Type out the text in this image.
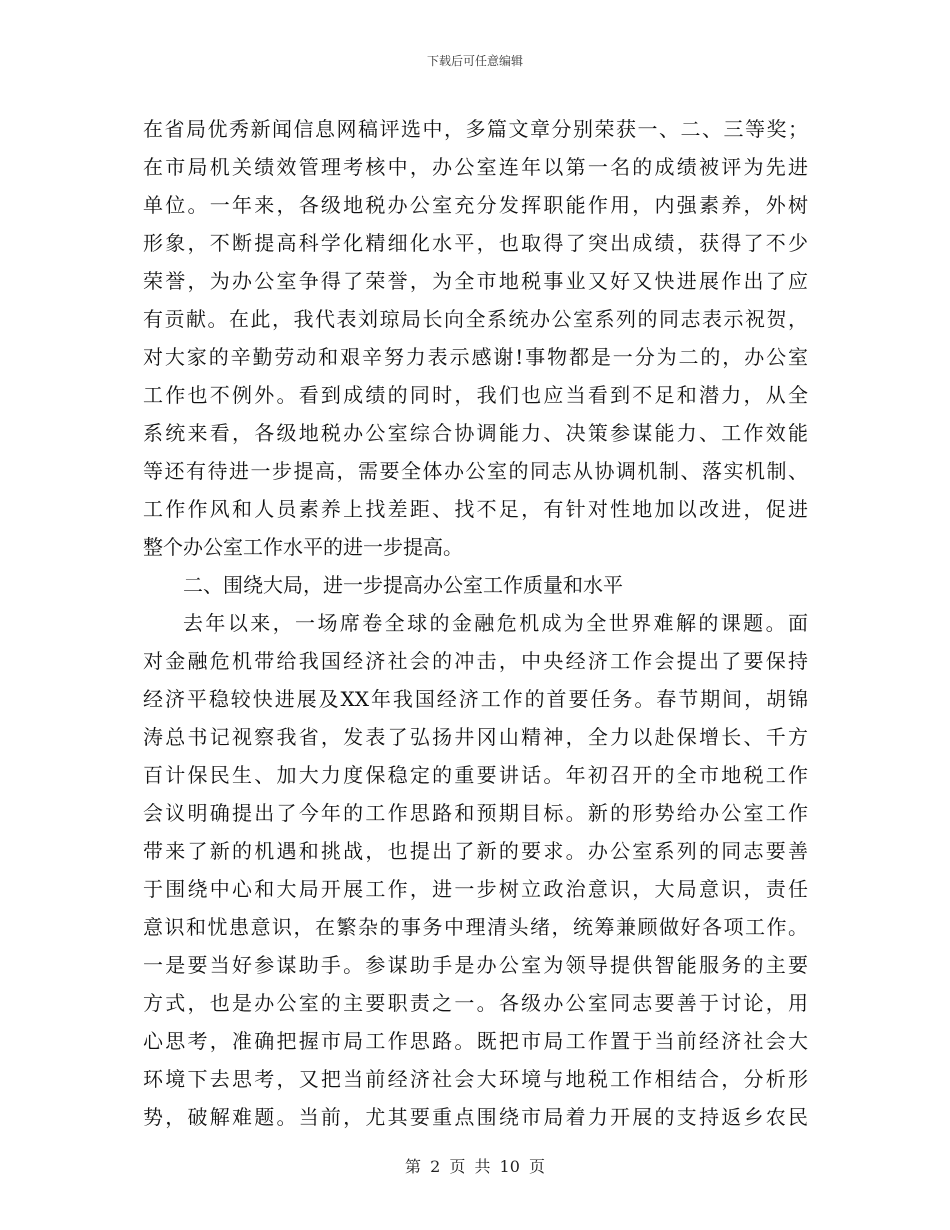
下载后可任意编辑
在省局优秀新闻信息网稿评选中，多篇文章分别荣获一、二、三等奖；
在市局机关绩效管理考核中，办公室连年以第一名的成绩被评为先进
单位。一年来，各级地税办公室充分发挥职能作用，内强素养，外树
形象，不断提高科学化精细化水平，也取得了突出成绩，获得了不少
荣誉，为办公室争得了荣誉，为全市地税事业又好又快进展作出了应
有贡献。在此，我代表刘琼局长向全系统办公室系列的同志表示祝贺，
对大家的辛勤劳动和艰辛努力表示感谢!事物都是一分为二的，办公室
工作也不例外。看到成绩的同时，我们也应当看到不足和潜力，从全
系统来看，各级地税办公室综合协调能力、决策参谋能力、工作效能
等还有待进一步提高，需要全体办公室的同志从协调机制、落实机制、
工作作风和人员素养上找差距、找不足，有针对性地加以改进，促进
整个办公室工作水平的进一步提高。
二、围绕大局，进一步提高办公室工作质量和水平
去年以来，一场席卷全球的金融危机成为全世界难解的课题。面
对金融危机带给我国经济社会的冲击，中央经济工作会提出了要保持
经济平稳较快进展及XX年我国经济工作的首要任务。春节期间，胡锦
涛总书记视察我省，发表了弘扬井冈山精神，全力以赴保增长、千方
百计保民生、加大力度保稳定的重要讲话。年初召开的全市地税工作
会议明确提出了今年的工作思路和预期目标。新的形势给办公室工作
带来了新的机遇和挑战，也提出了新的要求。办公室系列的同志要善
于围绕中心和大局开展工作，进一步树立政治意识，大局意识，责任
意识和忧患意识，在繁杂的事务中理清头绪，统筹兼顾做好各项工作。
一是要当好参谋助手。参谋助手是办公室为领导提供智能服务的主要
方式，也是办公室的主要职责之一。各级办公室同志要善于讨论，用
心思考，准确把握市局工作思路。既把市局工作置于当前经济社会大
环境下去思考，又把当前经济社会大环境与地税工作相结合，分析形
势，破解难题。当前，尤其要重点围绕市局着力开展的支持返乡农民
第 2 页 共 10 页
